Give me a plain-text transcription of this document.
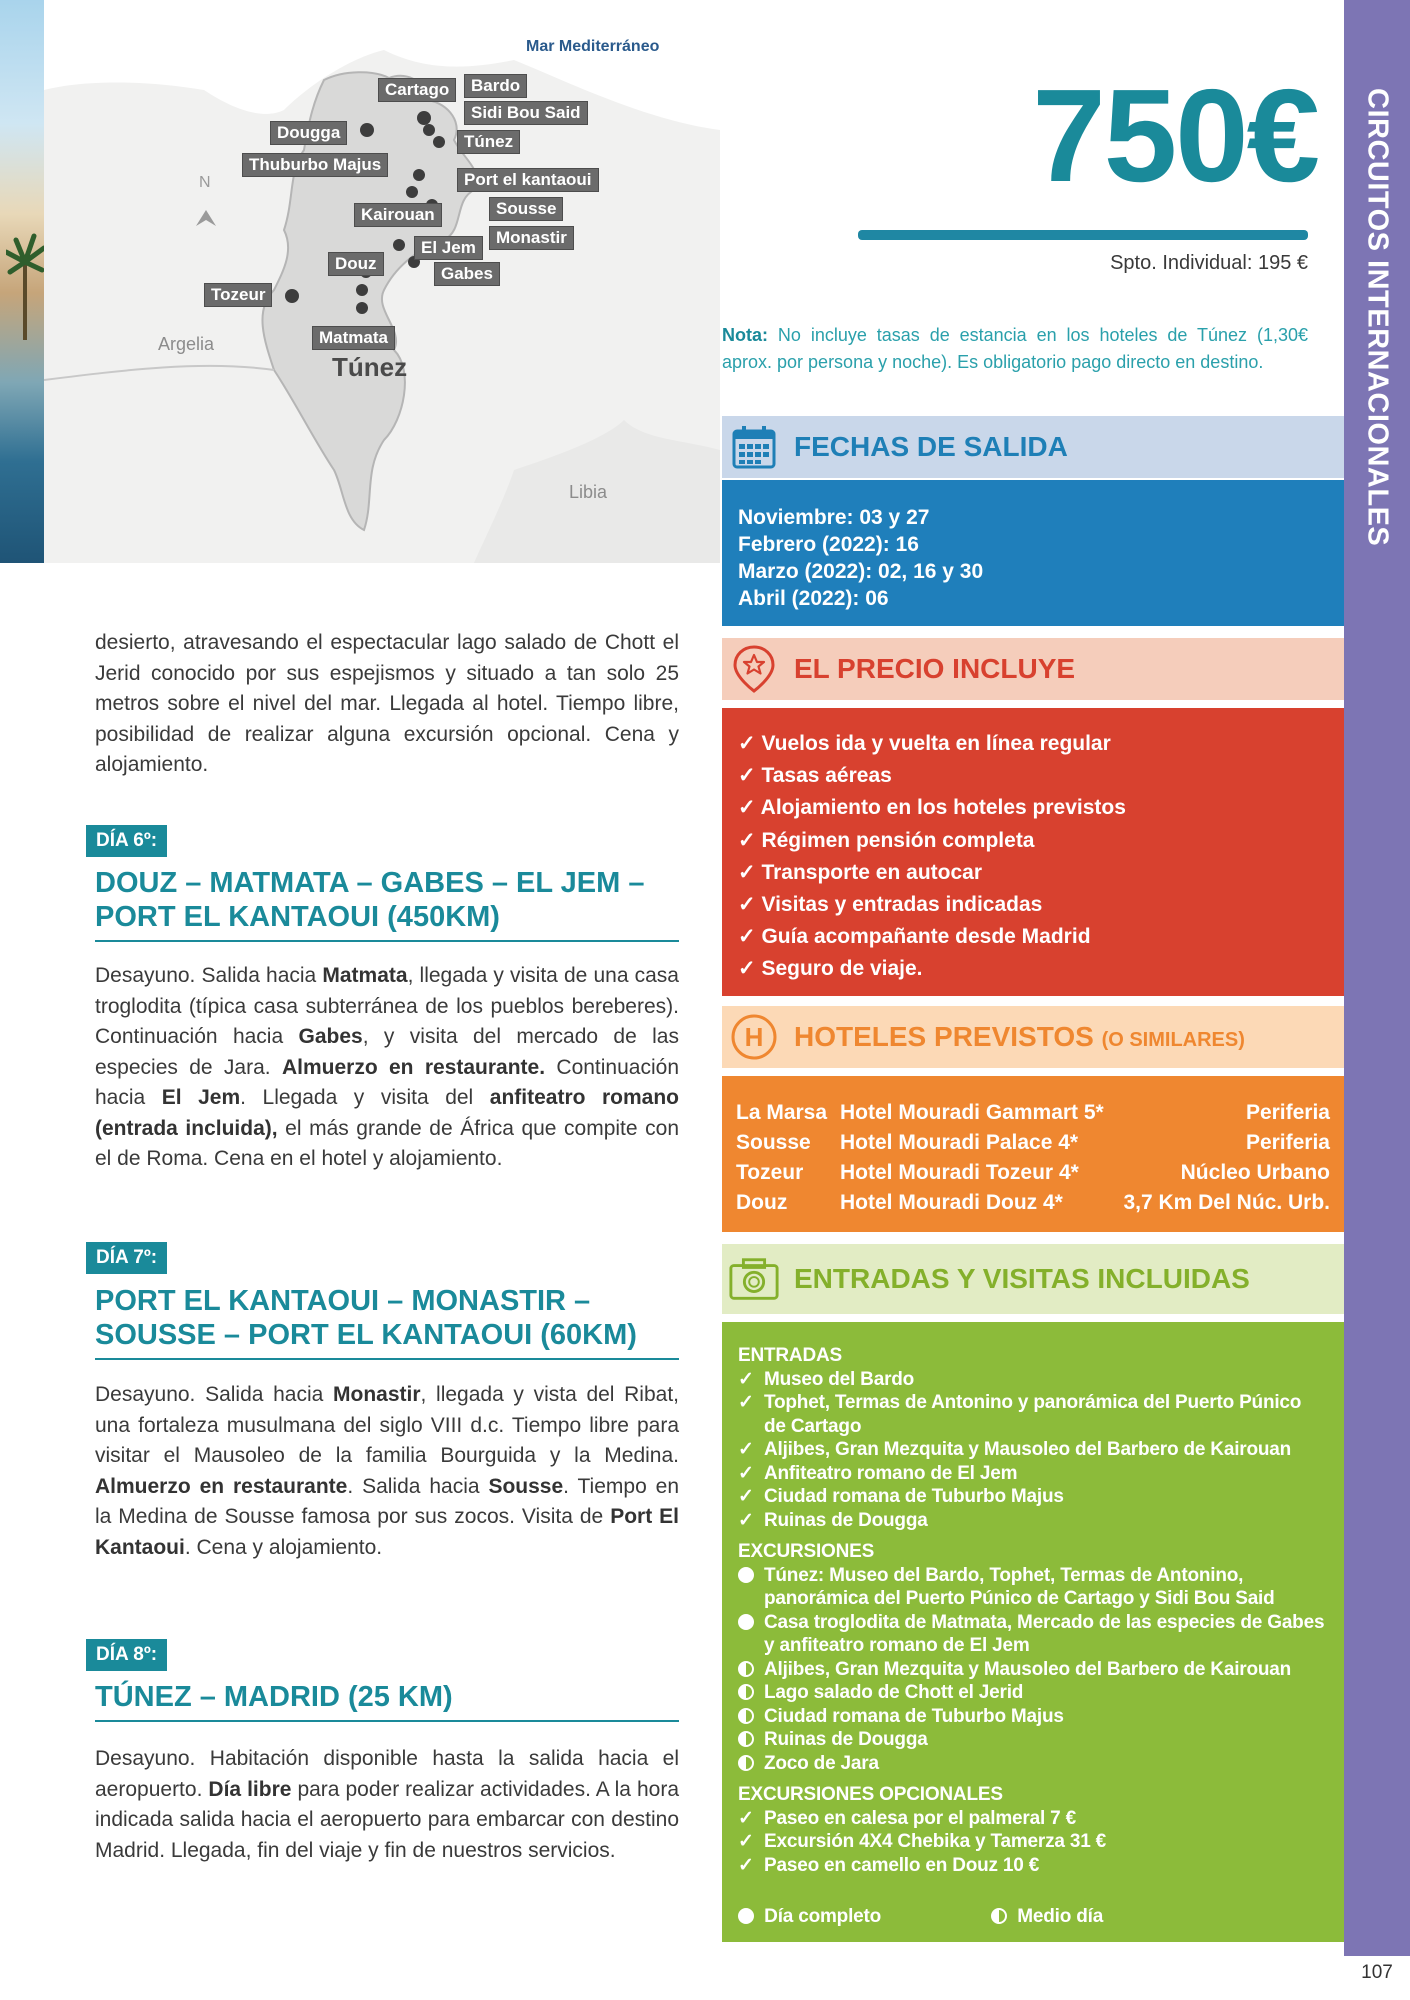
N
Mar Mediterráneo
Argelia
Túnez
Libia
Cartago	Bardo
Sidi Bou Said
Dougga	Túnez
Thuburbo Majus
Port el kantaoui
Kairouan	Sousse
Monastir
El Jem
Douz
Gabes
Tozeur
Matmata
750€
Spto. Individual: 195 €
Nota: No incluye tasas de estancia en los hoteles de Túnez (1,30€ aprox. por persona y noche). Es obligatorio pago directo en destino.
FECHAS DE SALIDA
Noviembre: 03 y 27
Febrero (2022): 16
Marzo (2022): 02, 16 y 30
Abril (2022): 06
EL PRECIO INCLUYE
✓ Vuelos ida y vuelta en línea regular
✓ Tasas aéreas
✓ Alojamiento en los hoteles previstos
✓ Régimen pensión completa
✓ Transporte en autocar
✓ Visitas y entradas indicadas
✓ Guía acompañante desde Madrid
✓ Seguro de viaje.
H HOTELES PREVISTOS (O SIMILARES)
La Marsa Hotel Mouradi Gammart 5*	Periferia
Sousse	Hotel Mouradi Palace 4*	Periferia
Tozeur	Hotel Mouradi Tozeur 4*	Núcleo Urbano
Douz	Hotel Mouradi Douz 4*	3,7 Km Del Núc. Urb.
ENTRADAS Y VISITAS INCLUIDAS
ENTRADAS
✓ Museo del Bardo
✓ Tophet, Termas de Antonino y panorámica del Puerto Púnico de Cartago
✓ Aljibes, Gran Mezquita y Mausoleo del Barbero de Kairouan
✓ Anfiteatro romano de El Jem
✓ Ciudad romana de Tuburbo Majus
✓ Ruinas de Dougga
EXCURSIONES
Túnez: Museo del Bardo, Tophet, Termas de Antonino, panorámica del Puerto Púnico de Cartago y Sidi Bou Said
Casa troglodita de Matmata, Mercado de las especies de Gabes y anfiteatro romano de El Jem
Aljibes, Gran Mezquita y Mausoleo del Barbero de Kairouan
Lago salado de Chott el Jerid
Ciudad romana de Tuburbo Majus
Ruinas de Dougga
Zoco de Jara
EXCURSIONES OPCIONALES
✓ Paseo en calesa por el palmeral 7 €
✓ Excursión 4X4 Chebika y Tamerza 31 €
✓ Paseo en camello en Douz 10 €
Día completo	Medio día
CIRCUITOS INTERNACIONALES
107
desierto, atravesando el espectacular lago salado de Chott el Jerid conocido por sus espejismos y situado a tan solo 25 metros sobre el nivel del mar. Llegada al hotel. Tiempo libre, posibilidad de realizar alguna excursión opcional. Cena y alojamiento.
DÍA 6º:
DOUZ – MATMATA – GABES – EL JEM – PORT EL KANTAOUI (450KM)
Desayuno. Salida hacia Matmata, llegada y visita de una casa troglodita (típica casa subterránea de los pueblos bereberes). Continuación hacia Gabes, y visita del mercado de las especies de Jara. Almuerzo en restaurante. Continuación hacia El Jem. Llegada y visita del anfiteatro romano (entrada incluida), el más grande de África que compite con el de Roma. Cena en el hotel y alojamiento.
DÍA 7º:
PORT EL KANTAOUI – MONASTIR – SOUSSE – PORT EL KANTAOUI (60KM)
Desayuno. Salida hacia Monastir, llegada y vista del Ribat, una fortaleza musulmana del siglo VIII d.c. Tiempo libre para visitar el Mausoleo de la familia Bourguida y la Medina. Almuerzo en restaurante. Salida hacia Sousse. Tiempo en la Medina de Sousse famosa por sus zocos. Visita de Port El Kantaoui. Cena y alojamiento.
DÍA 8º:
TÚNEZ – MADRID (25 KM)
Desayuno. Habitación disponible hasta la salida hacia el aeropuerto. Día libre para poder realizar actividades. A la hora indicada salida hacia el aeropuerto para embarcar con destino Madrid. Llegada, fin del viaje y fin de nuestros servicios.
